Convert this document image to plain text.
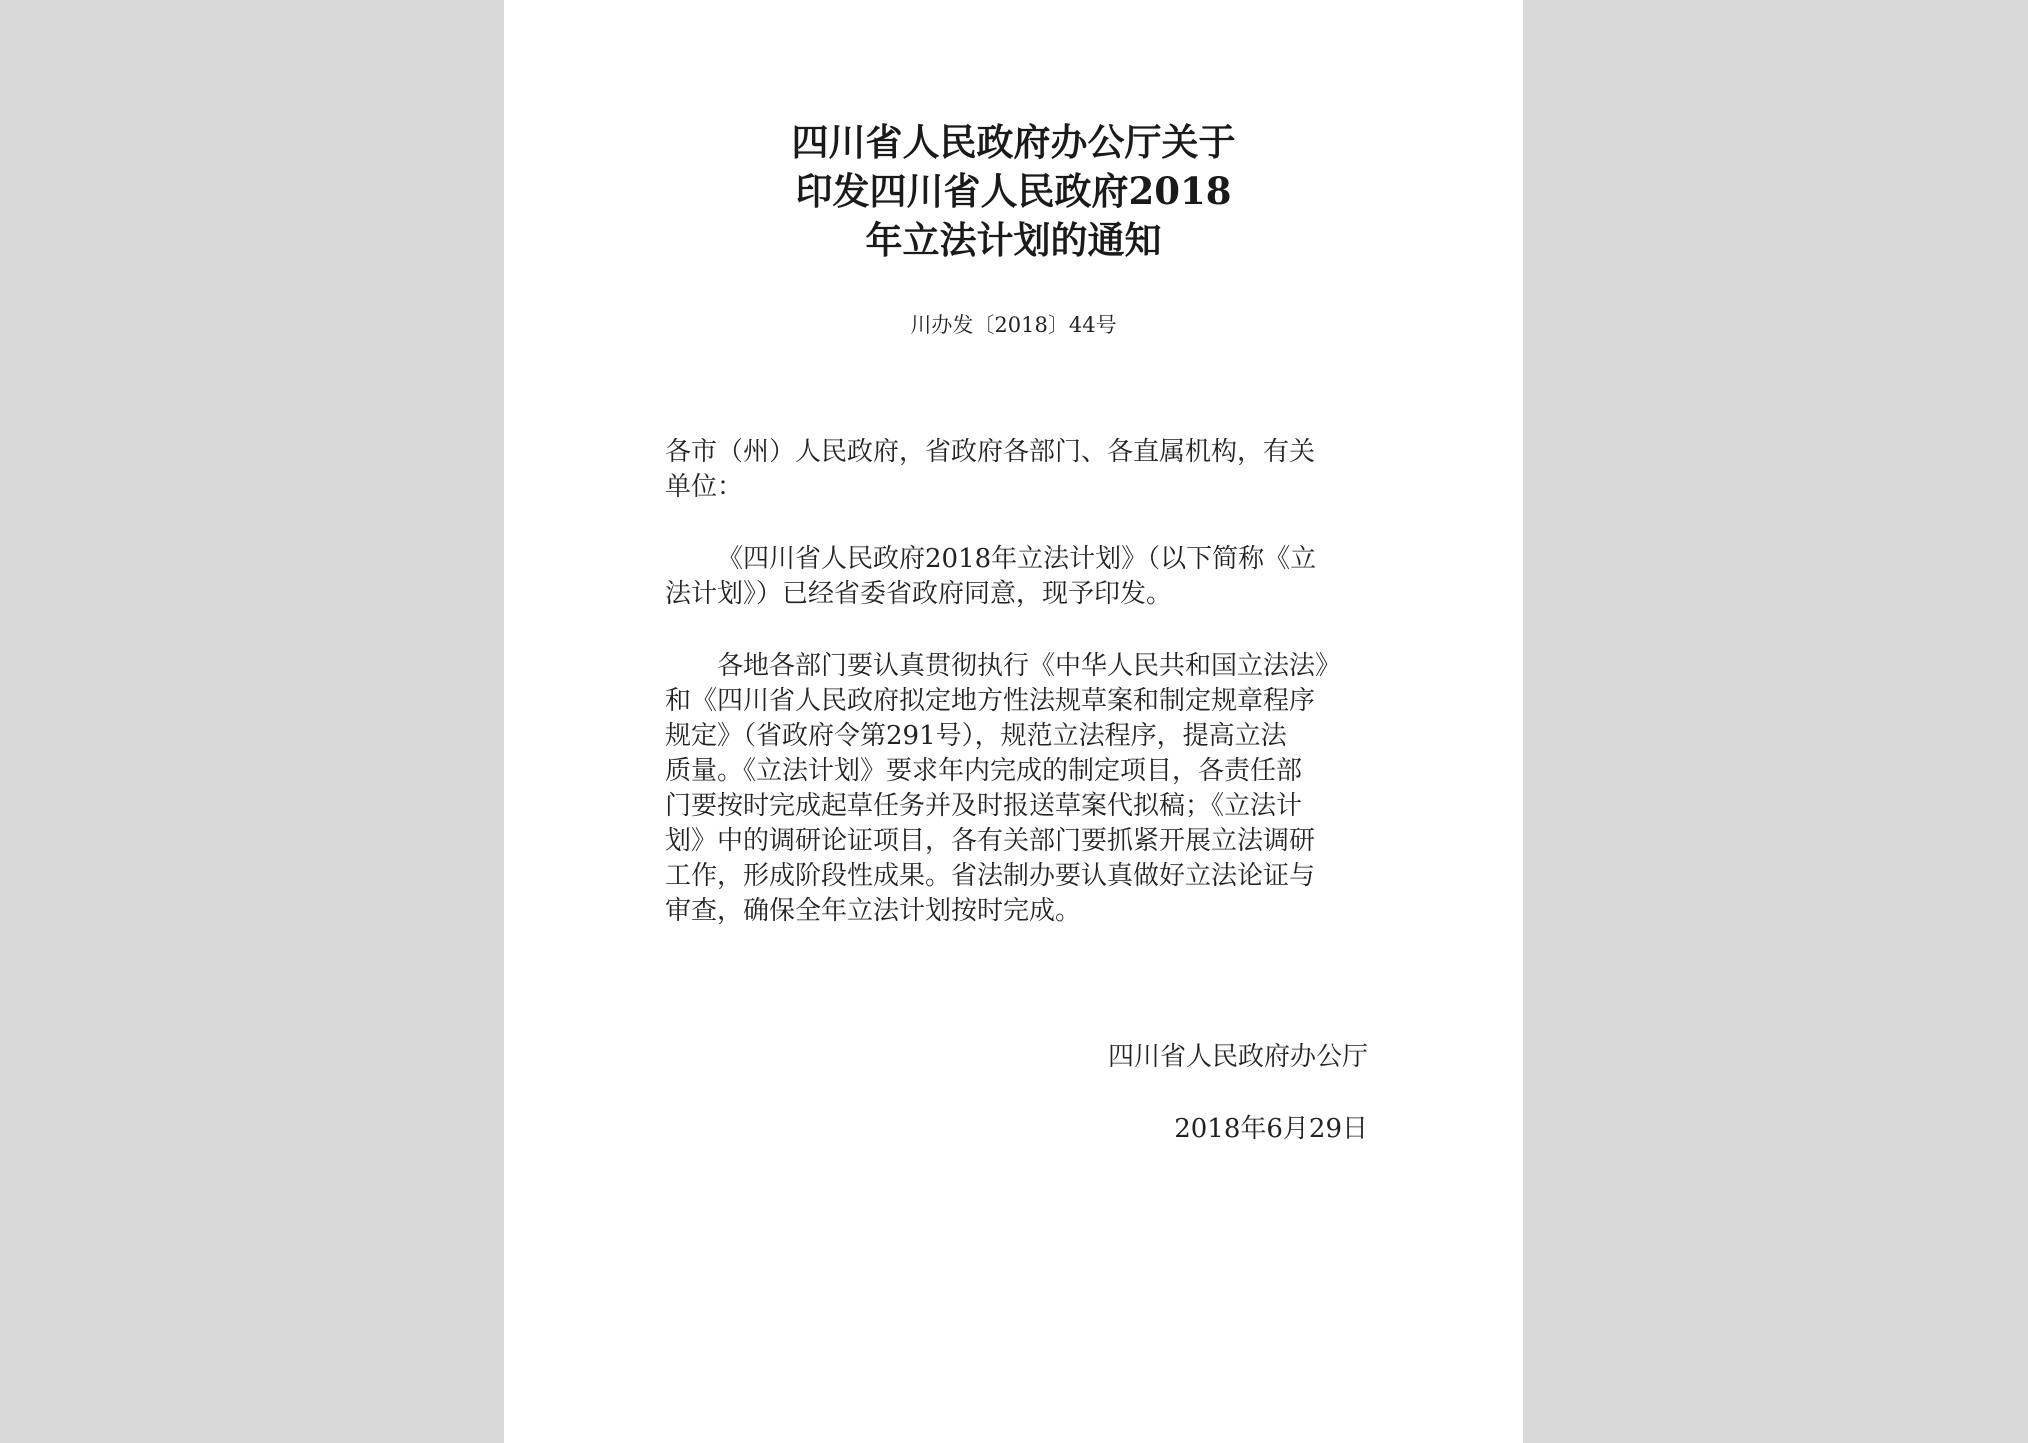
四川省人民政府办公厅关于
印发四川省人民政府2018
年立法计划的通知
川办发〔2018〕44号
各市（州）人民政府，省政府各部门、各直属机构，有关
单位：
《四川省人民政府2018年立法计划》（以下简称《立
法计划》）已经省委省政府同意，现予印发。
各地各部门要认真贯彻执行《中华人民共和国立法法》
和《四川省人民政府拟定地方性法规草案和制定规章程序
规定》（省政府令第291号），规范立法程序，提高立法
质量。《立法计划》要求年内完成的制定项目，各责任部
门要按时完成起草任务并及时报送草案代拟稿；《立法计
划》中的调研论证项目，各有关部门要抓紧开展立法调研
工作，形成阶段性成果。省法制办要认真做好立法论证与
审查，确保全年立法计划按时完成。
四川省人民政府办公厅
2018年6月29日
